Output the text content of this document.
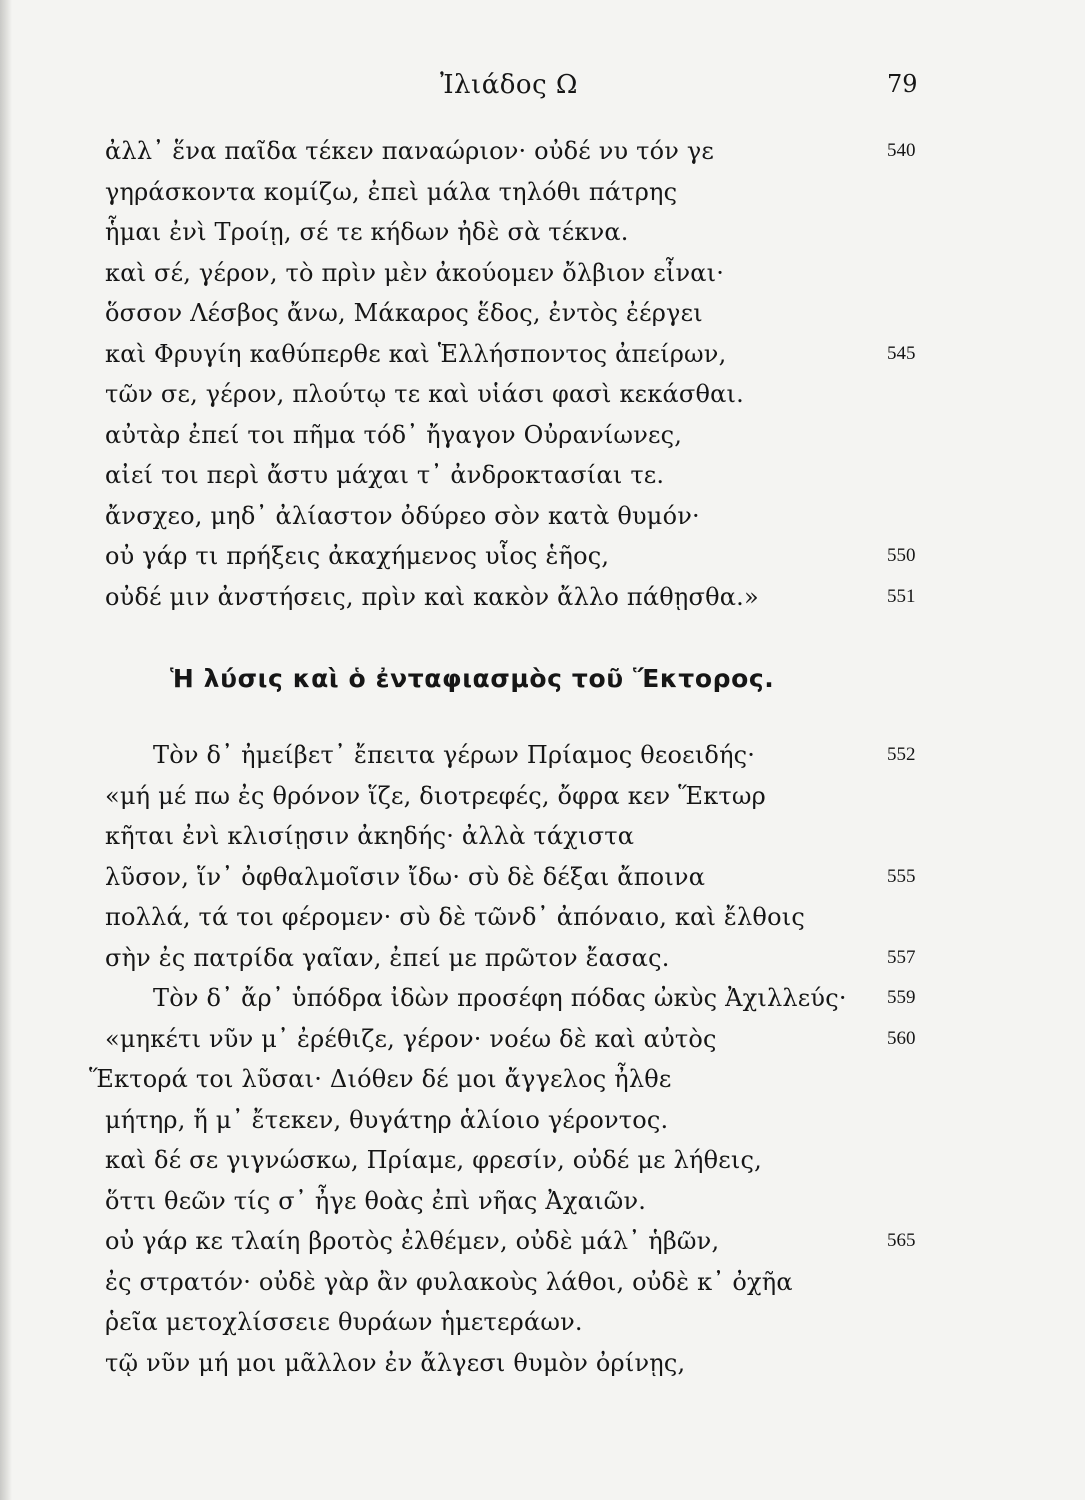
Ἰλιάδος Ω	79
ἀλλ᾽ ἕνα παῖδα τέκεν παναώριον· οὐδέ νυ τόν γε	540
γηράσκοντα κομίζω, ἐπεὶ μάλα τηλόθι πάτρης
ἧμαι ἐνὶ Τροίῃ, σέ τε κήδων ἠδὲ σὰ τέκνα.
καὶ σέ, γέρον, τὸ πρὶν μὲν ἀκούομεν ὄλβιον εἶναι·
ὅσσον Λέσβος ἄνω, Μάκαρος ἕδος, ἐντὸς ἐέργει
καὶ Φρυγίη καθύπερθε καὶ Ἑλλήσποντος ἀπείρων,	545
τῶν σε, γέρον, πλούτῳ τε καὶ υἱάσι φασὶ κεκάσθαι.
αὐτὰρ ἐπεί τοι πῆμα τόδ᾽ ἤγαγον Οὐρανίωνες,
αἰεί τοι περὶ ἄστυ μάχαι τ᾽ ἀνδροκτασίαι τε.
ἄνσχεο, μηδ᾽ ἀλίαστον ὀδύρεο σὸν κατὰ θυμόν·
οὐ γάρ τι πρήξεις ἀκαχήμενος υἷος ἑῆος,	550
οὐδέ μιν ἀνστήσεις, πρὶν καὶ κακὸν ἄλλο πάθῃσθα.»	551
Ἡ λύσις καὶ ὁ ἐνταφιασμὸς τοῦ Ἕκτορος.
Τὸν δ᾽ ἠμείβετ᾽ ἔπειτα γέρων Πρίαμος θεοειδής·	552
«μή μέ πω ἐς θρόνον ἵζε, διοτρεφές, ὄφρα κεν Ἕκτωρ
κῆται ἐνὶ κλισίῃσιν ἀκηδής· ἀλλὰ τάχιστα
λῦσον, ἵν᾽ ὀφθαλμοῖσιν ἴδω· σὺ δὲ δέξαι ἄποινα	555
πολλά, τά τοι φέρομεν· σὺ δὲ τῶνδ᾽ ἀπόναιο, καὶ ἔλθοις
σὴν ἐς πατρίδα γαῖαν, ἐπεί με πρῶτον ἔασας.	557
Τὸν δ᾽ ἄρ᾽ ὑπόδρα ἰδὼν προσέφη πόδας ὠκὺς Ἀχιλλεύς· 559
«μηκέτι νῦν μ᾽ ἐρέθιζε, γέρον· νοέω δὲ καὶ αὐτὸς	560
Ἕκτορά τοι λῦσαι· Διόθεν δέ μοι ἄγγελος ἦλθε
μήτηρ, ἥ μ᾽ ἔτεκεν, θυγάτηρ ἁλίοιο γέροντος.
καὶ δέ σε γιγνώσκω, Πρίαμε, φρεσίν, οὐδέ με λήθεις,
ὅττι θεῶν τίς σ᾽ ἦγε θοὰς ἐπὶ νῆας Ἀχαιῶν.
οὐ γάρ κε τλαίη βροτὸς ἐλθέμεν, οὐδὲ μάλ᾽ ἡβῶν,	565
ἐς στρατόν· οὐδὲ γὰρ ἂν φυλακοὺς λάθοι, οὐδὲ κ᾽ ὀχῆα
ῥεῖα μετοχλίσσειε θυράων ἡμετεράων.
τῷ νῦν μή μοι μᾶλλον ἐν ἄλγεσι θυμὸν ὀρίνῃς,
